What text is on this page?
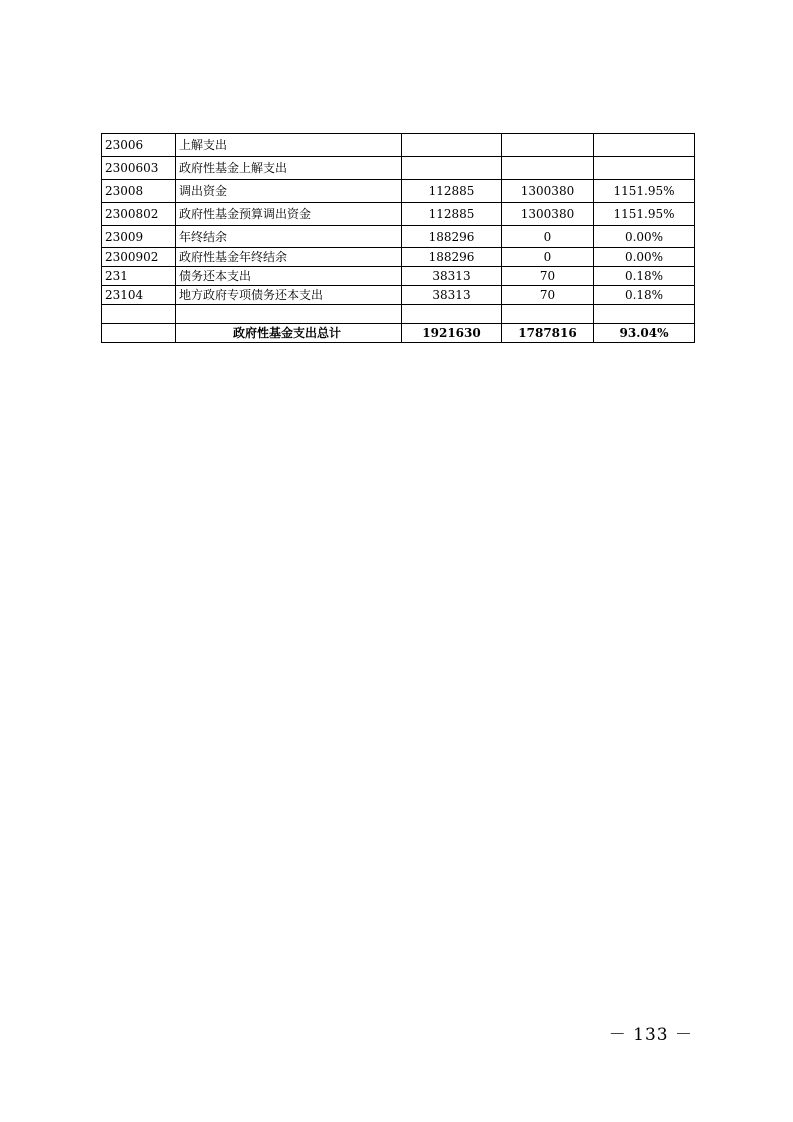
23006	上解支出			
2300603	政府性基金上解支出			
23008	调出资金	112885	1300380	1151.95%
2300802	政府性基金预算调出资金	112885	1300380	1151.95%
23009	年终结余	188296	0	0.00%
2300902	政府性基金年终结余	188296	0	0.00%
231	债务还本支出	38313	70	0.18%
23104	地方政府专项债务还本支出	38313	70	0.18%

	政府性基金支出总计	1921630	1787816	93.04%
－ 133 －
